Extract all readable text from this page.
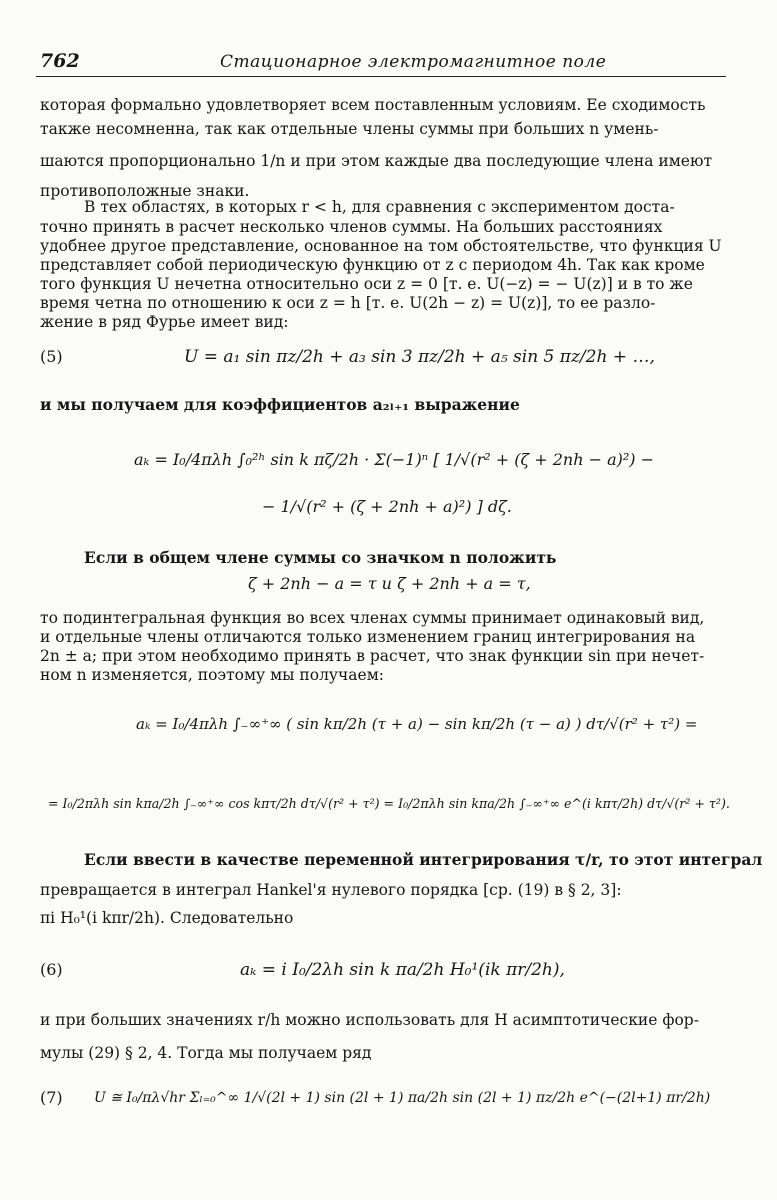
762	Стационарное электромагнитное поле
которая формально удовлетворяет всем поставленным условиям. Ее сходимость
также несомненна, так как отдельные члены суммы при больших n умень-
шаются пропорционально 1/n и при этом каждые два последующие члена имеют
противоположные знаки.
В тех областях, в которых r < h, для сравнения с экспериментом доста-
точно принять в расчет несколько членов суммы. На больших расстояниях
удобнее другое представление, основанное на том обстоятельстве, что функция U
представляет собой периодическую функцию от z с периодом 4h. Так как кроме
того функция U нечетна относительно оси z = 0 [т. е. U(−z) = − U(z)] и в то же
время четна по отношению к оси z = h [т. е. U(2h − z) = U(z)], то ее разло-
жение в ряд Фурье имеет вид:
(5)	U = a₁ sin πz/2h + a₃ sin 3 πz/2h + a₅ sin 5 πz/2h + …,
и мы получаем для коэффициентов a₂ₗ₊₁ выражение
aₖ = I₀/4πλh ∫₀²ʰ sin k πζ/2h · Σ(−1)ⁿ [ 1/√(r² + (ζ + 2nh − a)²) −
− 1/√(r² + (ζ + 2nh + a)²) ] dζ.
Если в общем члене суммы со значком n положить
ζ + 2nh − a = τ и ζ + 2nh + a = τ,
то подинтегральная функция во всех членах суммы принимает одинаковый вид,
и отдельные члены отличаются только изменением границ интегрирования на
2n ± a; при этом необходимо принять в расчет, что знак функции sin при нечет-
ном n изменяется, поэтому мы получаем:
aₖ = I₀/4πλh ∫₋∞⁺∞ ( sin kπ/2h (τ + a) − sin kπ/2h (τ − a) ) dτ/√(r² + τ²) =
= I₀/2πλh sin kπa/2h ∫₋∞⁺∞ cos kπτ/2h dτ/√(r² + τ²) = I₀/2πλh sin kπa/2h ∫₋∞⁺∞ e^(i kπτ/2h) dτ/√(r² + τ²).
Если ввести в качестве переменной интегрирования τ/r, то этот интеграл
превращается в интеграл Hankel'я нулевого порядка [ср. (19) в § 2, 3]:
πi H₀¹(i kπr/2h). Следовательно
(6)	aₖ = i I₀/2λh sin k πa/2h H₀¹(ik πr/2h),
и при больших значениях r/h можно использовать для H асимптотические фор-
мулы (29) § 2, 4. Тогда мы получаем ряд
(7) U ≅ I₀/πλ√hr Σₗ₌₀^∞ 1/√(2l + 1) sin (2l + 1) πa/2h sin (2l + 1) πz/2h e^(−(2l+1) πr/2h)
